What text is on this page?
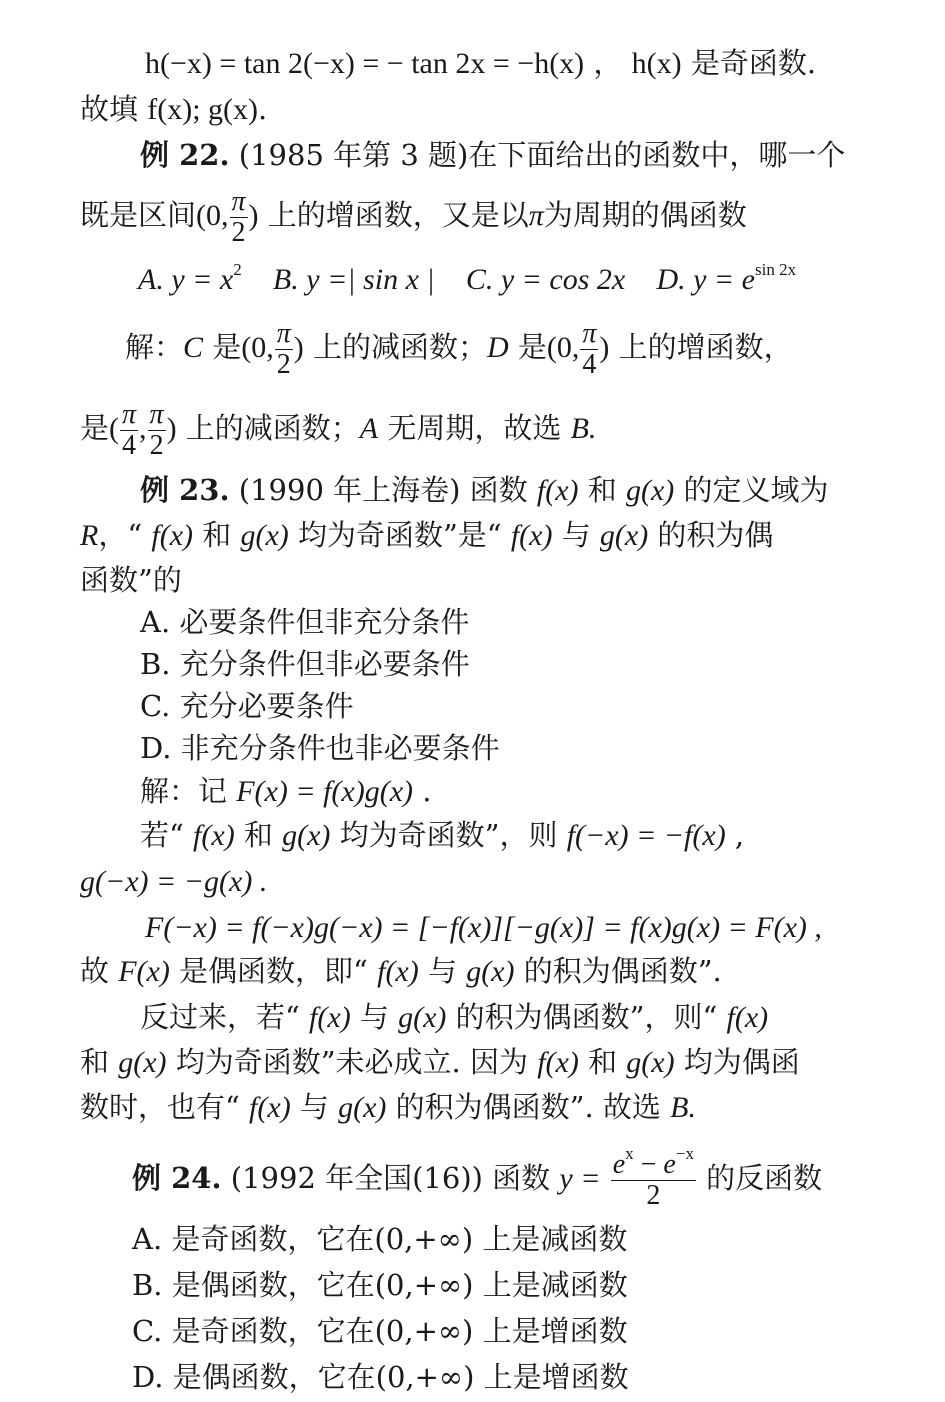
h(−x) = tan 2(−x) = − tan 2x = −h(x) ， h(x) 是奇函数.
故填 f(x); g(x).
例 22. (1985 年第 3 题)在下面给出的函数中，哪一个
既是区间(0, $\frac{\pi}{2}$ ) 上的增函数，又是以π为周期的偶函数
A. $y = x^2$ B. y =| sin x | C. y = cos 2x D. $y = e^{sin 2x}$
解：C 是(0, $\frac{\pi}{2}$ ) 上的减函数；D 是(0, $\frac{\pi}{4}$ ) 上的增函数，
是( $\frac{\pi}{4}$ , $\frac{\pi}{2}$ ) 上的减函数；A 无周期，故选 B.
例 23. (1990 年上海卷) 函数 f(x) 和 g(x) 的定义域为
R，“ f(x) 和 g(x) 均为奇函数”是“ f(x) 与 g(x) 的积为偶
函数”的
A. 必要条件但非充分条件
B. 充分条件但非必要条件
C. 充分必要条件
D. 非充分条件也非必要条件
解：记 F(x) = f(x)g(x) .
若“ f(x) 和 g(x) 均为奇函数”，则 f(−x) = −f(x) ,
g(−x) = −g(x) .
F(−x) = f(−x)g(−x) = [−f(x)][−g(x)] = f(x)g(x) = F(x) ,
故 F(x) 是偶函数，即“ f(x) 与 g(x) 的积为偶函数”.
反过来，若“ f(x) 与 g(x) 的积为偶函数”，则“ f(x)
和 g(x) 均为奇函数”未必成立. 因为 f(x) 和 g(x) 均为偶函
数时，也有“ f(x) 与 g(x) 的积为偶函数”. 故选 B.
例 24. (1992 年全国(16)) 函数 $y = \frac{e^x - e^{-x}}{2}$ 的反函数
A. 是奇函数，它在(0,+∞) 上是减函数
B. 是偶函数，它在(0,+∞) 上是减函数
C. 是奇函数，它在(0,+∞) 上是增函数
D. 是偶函数，它在(0,+∞) 上是增函数
